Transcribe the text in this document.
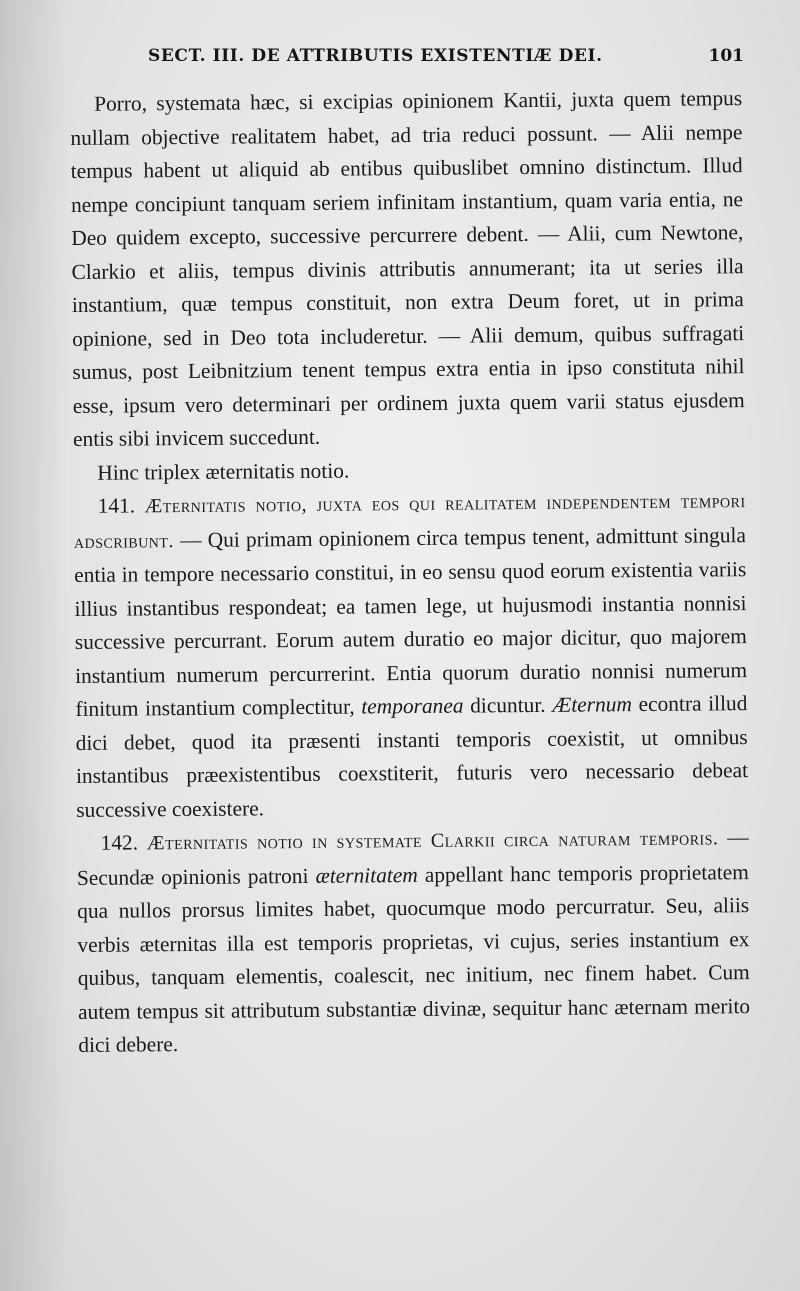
SECT. III. DE ATTRIBUTIS EXISTENTIÆ DEI.	101

Porro, systemata hæc, si excipias opinionem Kantii, juxta quem tempus nullam objective realitatem habet, ad tria reduci possunt. — Alii nempe tempus habent ut aliquid ab entibus quibuslibet omnino distinctum. Illud nempe concipiunt tanquam seriem infinitam instantium, quam varia entia, ne Deo quidem excepto, successive percurrere debent. — Alii, cum Newtone, Clarkio et aliis, tempus divinis attributis annumerant; ita ut series illa instantium, quæ tempus constituit, non extra Deum foret, ut in prima opinione, sed in Deo tota includeretur. — Alii demum, quibus suffragati sumus, post Leibnitzium tenent tempus extra entia in ipso constituta nihil esse, ipsum vero determinari per ordinem juxta quem varii status ejusdem entis sibi invicem succedunt.

Hinc triplex æternitatis notio.

141. Æternitatis notio, juxta eos qui realitatem independentem tempori adscribunt. — Qui primam opinionem circa tempus tenent, admittunt singula entia in tempore necessario constitui, in eo sensu quod eorum existentia variis illius instantibus respondeat; ea tamen lege, ut hujusmodi instantia nonnisi successive percurrant. Eorum autem duratio eo major dicitur, quo majorem instantium numerum percurrerint. Entia quorum duratio nonnisi numerum finitum instantium complectitur, temporanea dicuntur. Æternum econtra illud dici debet, quod ita præsenti instanti temporis coexistit, ut omnibus instantibus præexistentibus coexstiterit, futuris vero necessario debeat successive coexistere.

142. Æternitatis notio in systemate Clarkii circa naturam temporis. — Secundæ opinionis patroni æternitatem appellant hanc temporis proprietatem qua nullos prorsus limites habet, quocumque modo percurratur. Seu, aliis verbis æternitas illa est temporis proprietas, vi cujus, series instantium ex quibus, tanquam elementis, coalescit, nec initium, nec finem habet. Cum autem tempus sit attributum substantiæ divinæ, sequitur hanc æternam merito dici debere.
